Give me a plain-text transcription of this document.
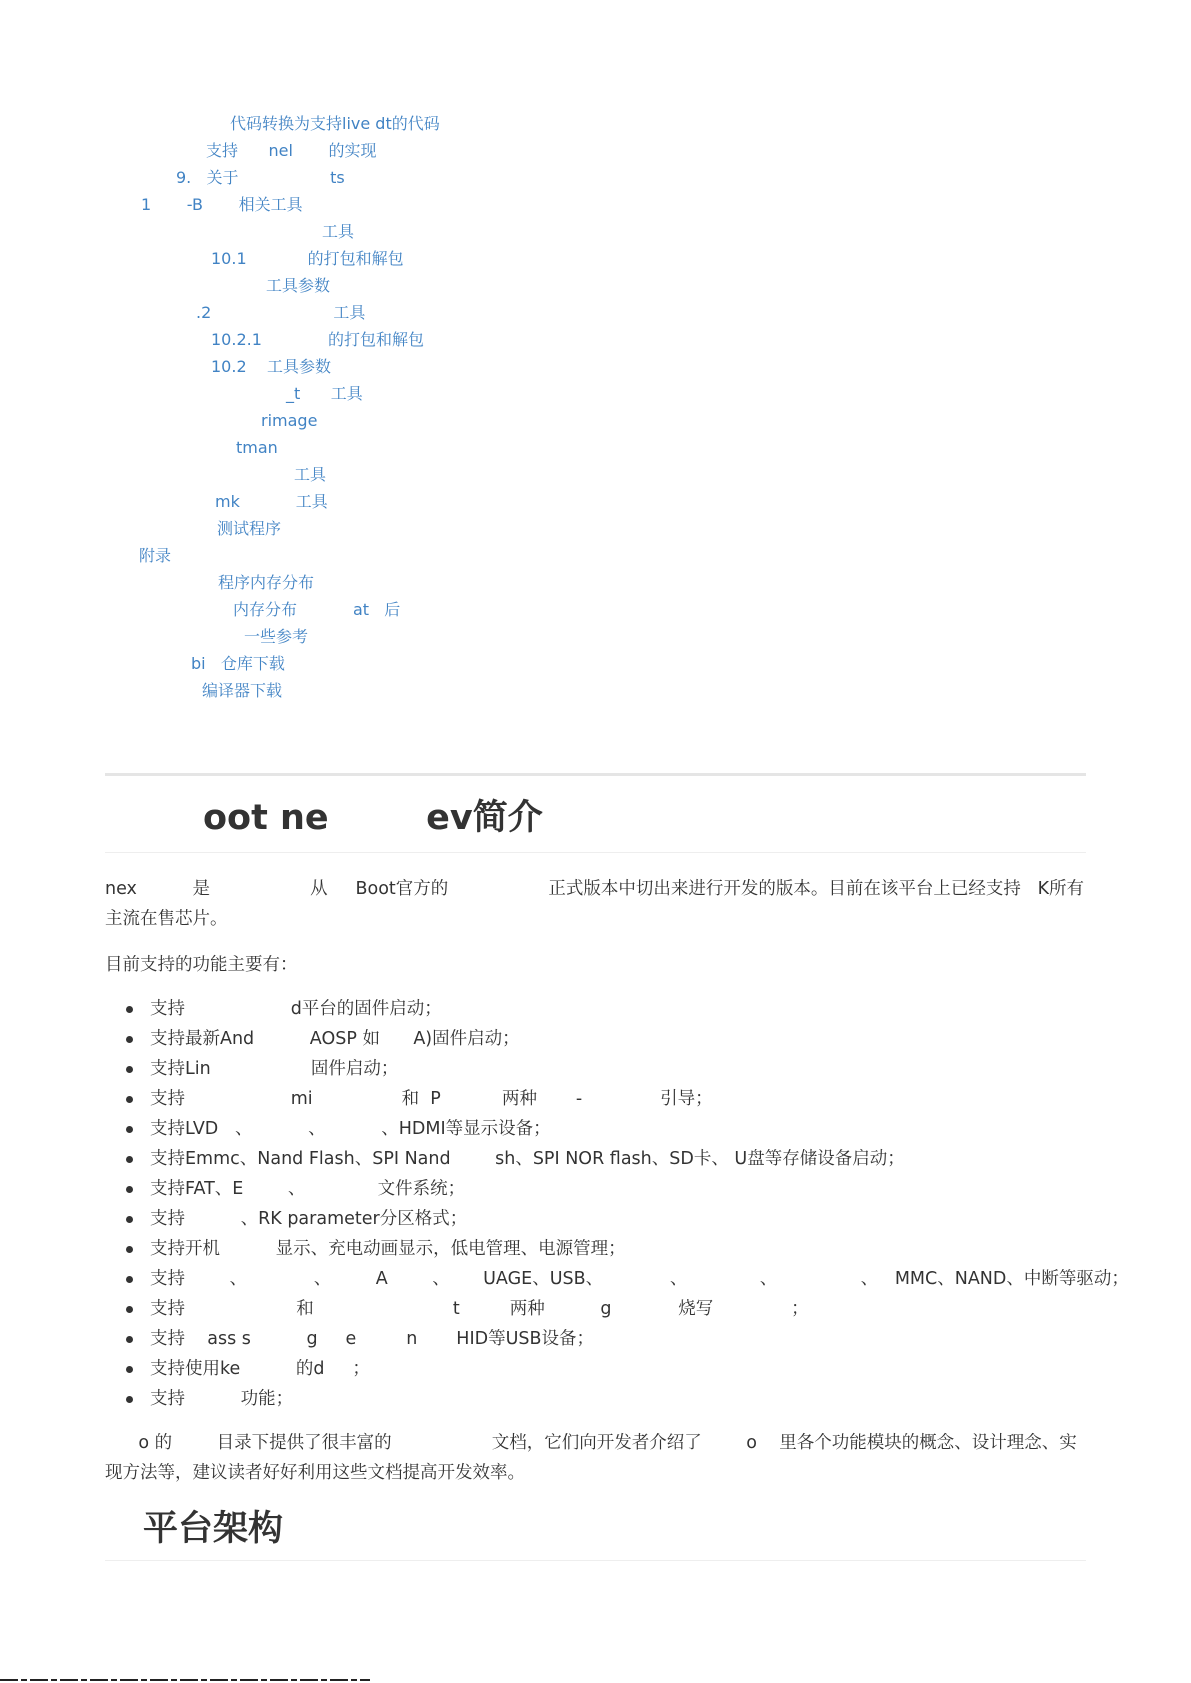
代码转换为支持live dt的代码
支持      nel       的实现
9.   关于                  ts
1       -B       相关工具
工具
10.1            的打包和解包
工具参数
.2                        工具
10.2.1             的打包和解包
10.2    工具参数
_t      工具
rimage
tman
工具
mk           工具
测试程序
附录
程序内存分布
内存分布           at   后
一些参考
bi   仓库下载
编译器下载
oot ne        ev简介

nex          是                  从     Boot官方的                  正式版本中切出来进行开发的版本。目前在该平台上已经支持   K所有主流在售芯片。

目前支持的功能主要有：

支持                   d平台的固件启动；
支持最新And          AOSP 如      A)固件启动；
支持Lin                  固件启动；
支持                   mi                和  P           两种       -              引导；
支持LVD   、          、          、HDMI等显示设备；
支持Emmc、Nand Flash、SPI Nand        sh、SPI NOR flash、SD卡、 U盘等存储设备启动；
支持FAT、E        、             文件系统；
支持          、RK parameter分区格式；
支持开机          显示、充电动画显示，低电管理、电源管理；
支持        、            、        A        、      UAGE、USB、            、             、               、   MMC、NAND、中断等驱动；
支持                    和                         t         两种          g            烧写              ；
支持    ass s          g     e         n       HID等USB设备；
支持使用ke          的d     ；
支持          功能；

o 的        目录下提供了很丰富的                  文档，它们向开发者介绍了        o    里各个功能模块的概念、设计理念、实现方法等，建议读者好好利用这些文档提高开发效率。

平台架构
